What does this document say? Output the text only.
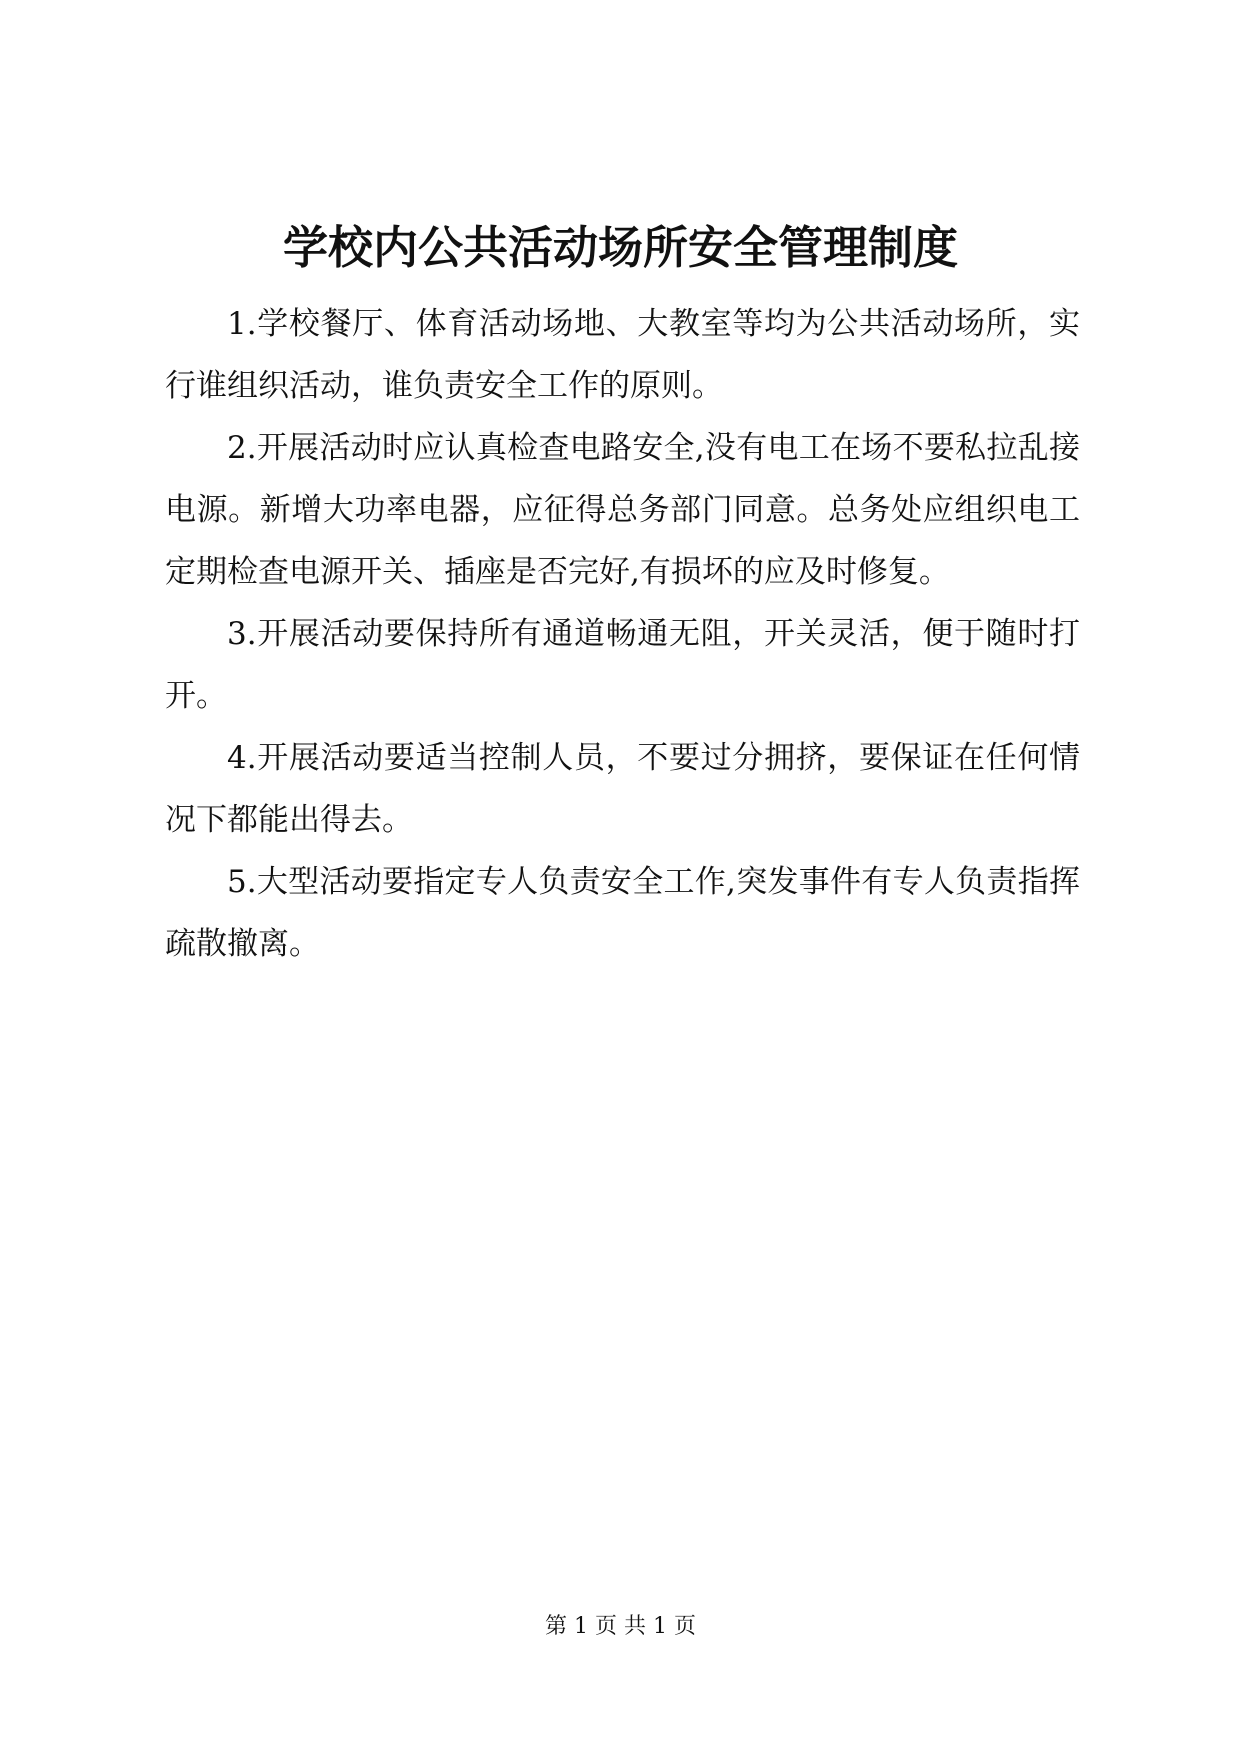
学校内公共活动场所安全管理制度

1.学校餐厅、体育活动场地、大教室等均为公共活动场所，实行谁组织活动，谁负责安全工作的原则。

2.开展活动时应认真检查电路安全,没有电工在场不要私拉乱接电源。新增大功率电器，应征得总务部门同意。总务处应组织电工定期检查电源开关、插座是否完好,有损坏的应及时修复。

3.开展活动要保持所有通道畅通无阻，开关灵活，便于随时打开。

4.开展活动要适当控制人员，不要过分拥挤，要保证在任何情况下都能出得去。

5.大型活动要指定专人负责安全工作,突发事件有专人负责指挥疏散撤离。

第 1 页 共 1 页
